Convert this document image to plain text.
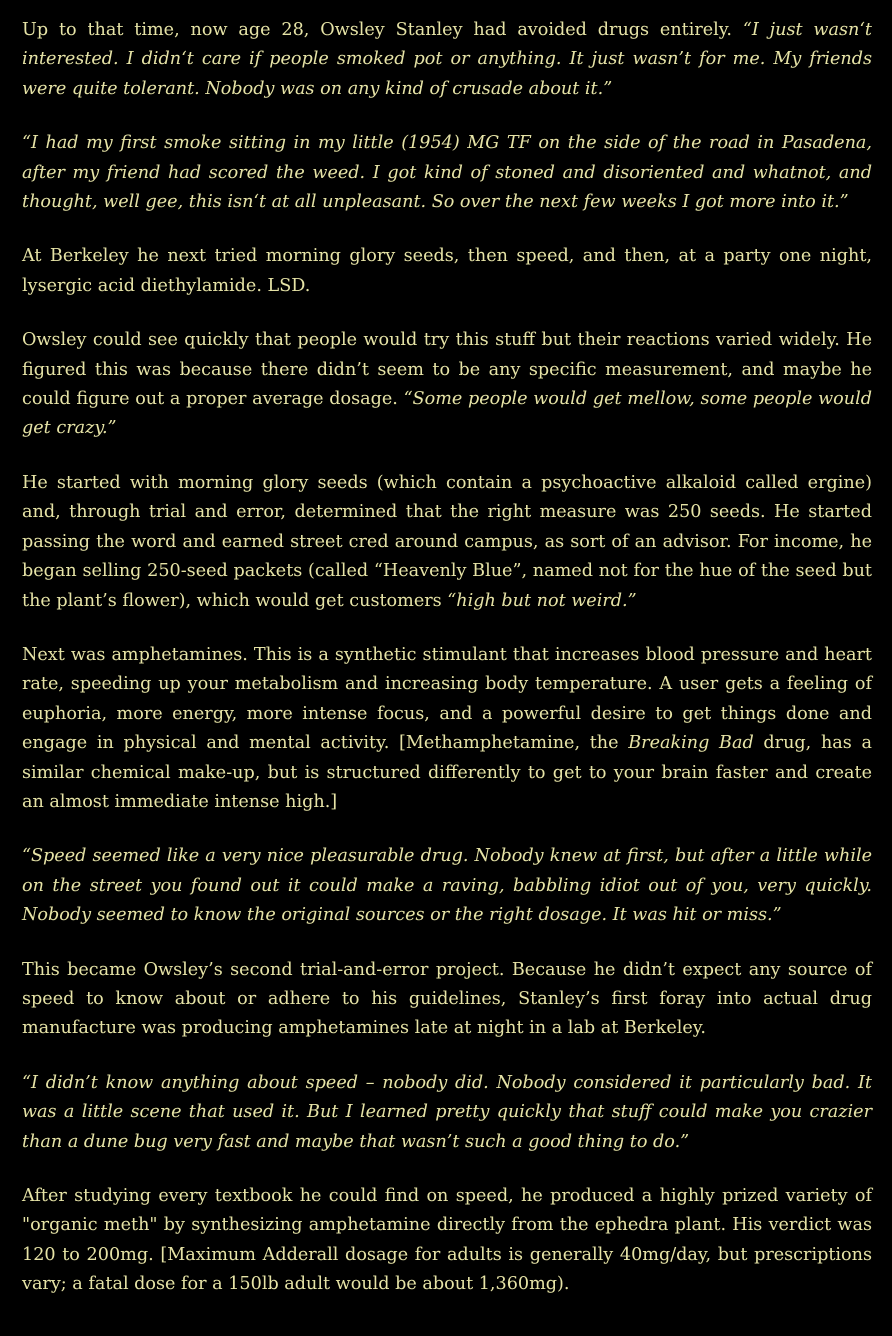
Up to that time, now age 28, Owsley Stanley had avoided drugs entirely. “I just wasn‘t interested. I didn‘t care if people smoked pot or anything. It just wasn’t for me. My friends were quite tolerant. Nobody was on any kind of crusade about it.”

“I had my first smoke sitting in my little (1954) MG TF on the side of the road in Pasadena, after my friend had scored the weed. I got kind of stoned and disoriented and whatnot, and thought, well gee, this isn‘t at all unpleasant. So over the next few weeks I got more into it.”

At Berkeley he next tried morning glory seeds, then speed, and then, at a party one night, lysergic acid diethylamide. LSD.

Owsley could see quickly that people would try this stuff but their reactions varied widely. He figured this was because there didn’t seem to be any specific measurement, and maybe he could figure out a proper average dosage. “Some people would get mellow, some people would get crazy.”

He started with morning glory seeds (which contain a psychoactive alkaloid called ergine) and, through trial and error, determined that the right measure was 250 seeds. He started passing the word and earned street cred around campus, as sort of an advisor. For income, he began selling 250-seed packets (called “Heavenly Blue”, named not for the hue of the seed but the plant’s flower), which would get customers “high but not weird.”

Next was amphetamines. This is a synthetic stimulant that increases blood pressure and heart rate, speeding up your metabolism and increasing body temperature. A user gets a feeling of euphoria, more energy, more intense focus, and a powerful desire to get things done and engage in physical and mental activity. [Methamphetamine, the Breaking Bad drug, has a similar chemical make-up, but is structured differently to get to your brain faster and create an almost immediate intense high.]

“Speed seemed like a very nice pleasurable drug. Nobody knew at first, but after a little while on the street you found out it could make a raving, babbling idiot out of you, very quickly. Nobody seemed to know the original sources or the right dosage. It was hit or miss.”

This became Owsley’s second trial-and-error project. Because he didn’t expect any source of speed to know about or adhere to his guidelines, Stanley’s first foray into actual drug manufacture was producing amphetamines late at night in a lab at Berkeley.

“I didn’t know anything about speed – nobody did. Nobody considered it particularly bad. It was a little scene that used it. But I learned pretty quickly that stuff could make you crazier than a dune bug very fast and maybe that wasn’t such a good thing to do.”

After studying every textbook he could find on speed, he produced a highly prized variety of "organic meth" by synthesizing amphetamine directly from the ephedra plant. His verdict was 120 to 200mg. [Maximum Adderall dosage for adults is generally 40mg/day, but prescriptions vary; a fatal dose for a 150lb adult would be about 1,360mg).
